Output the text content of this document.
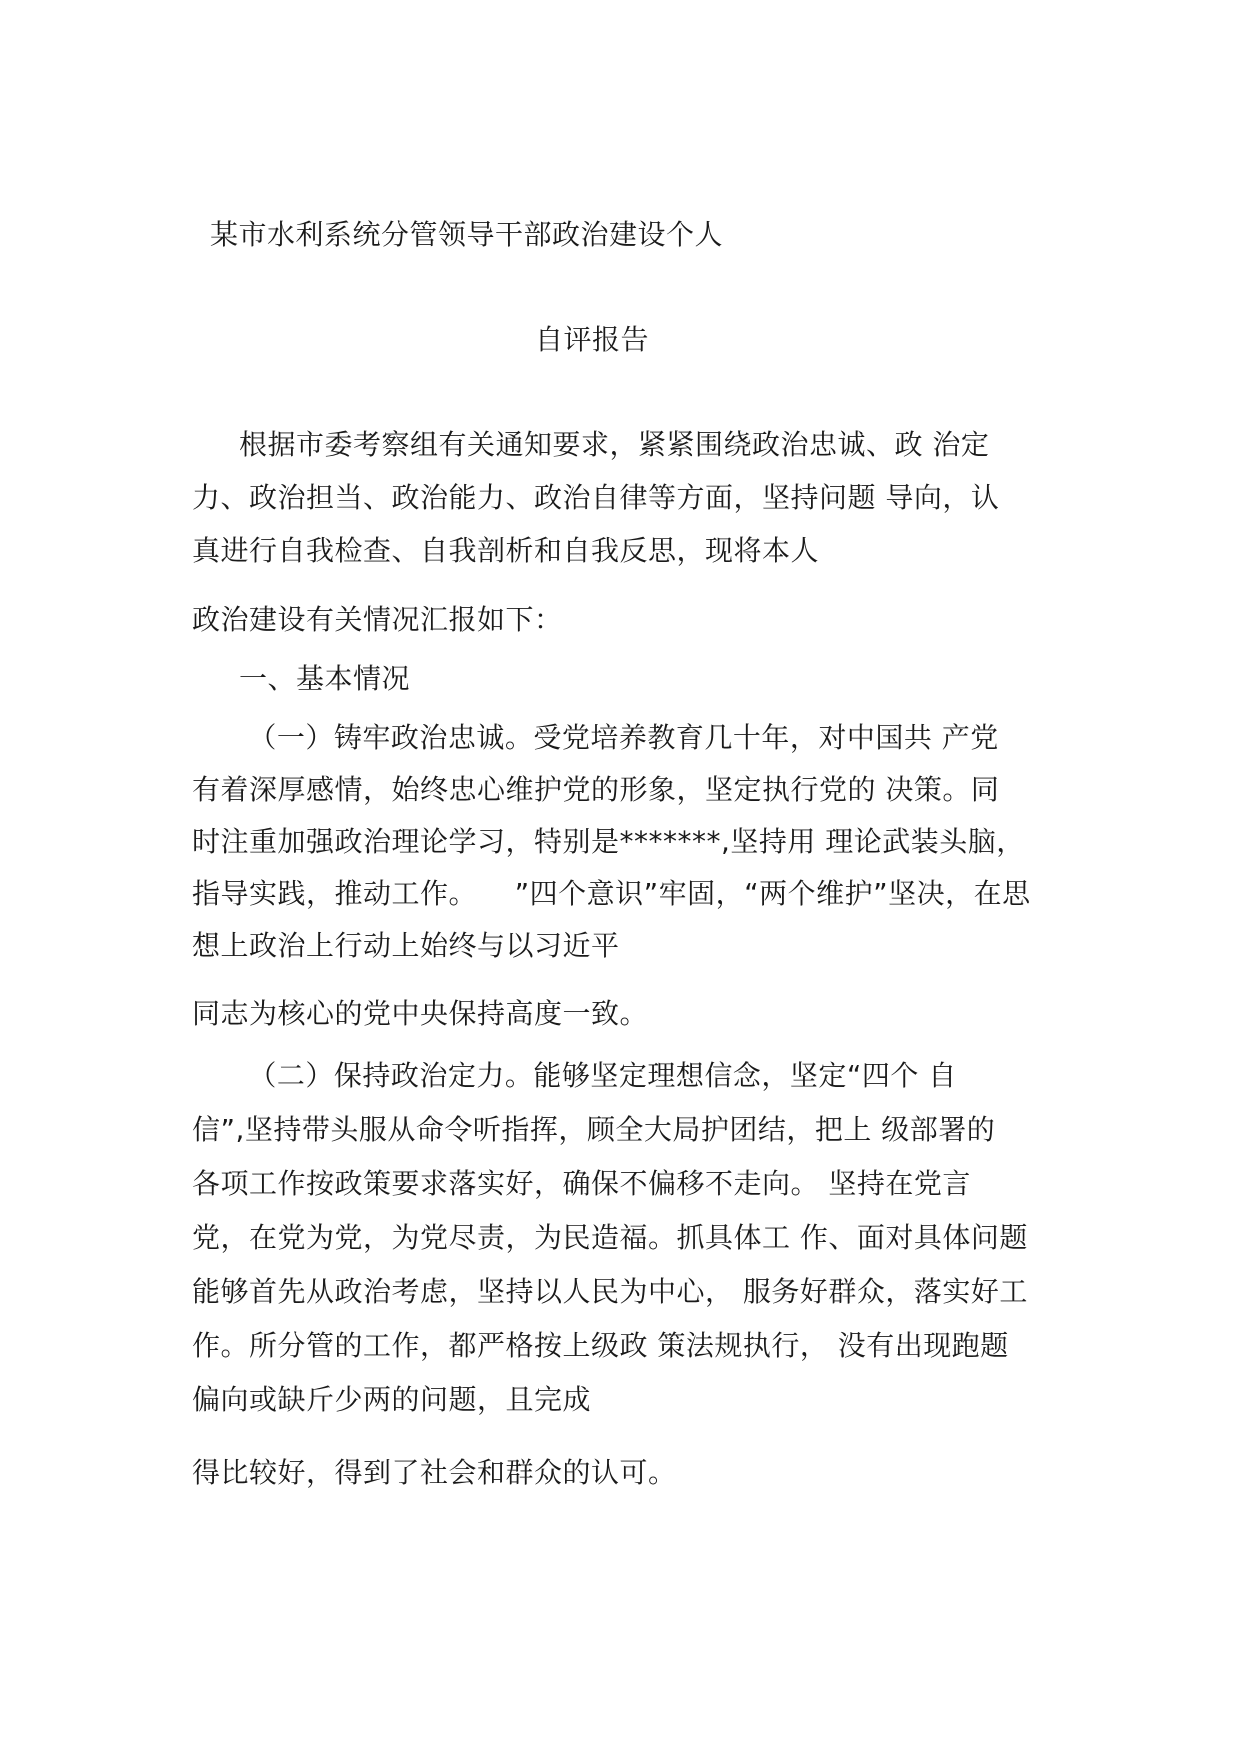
某市水利系统分管领导干部政治建设个人
自评报告
根据市委考察组有关通知要求，紧紧围绕政治忠诚、政 治定
力、政治担当、政治能力、政治自律等方面，坚持问题 导向，认
真进行自我检查、自我剖析和自我反思，现将本人
政治建设有关情况汇报如下：
一、基本情况
（一）铸牢政治忠诚。受党培养教育几十年，对中国共 产党
有着深厚感情，始终忠心维护党的形象，坚定执行党的 决策。同
时注重加强政治理论学习，特别是*******,坚持用 理论武装头脑，
指导实践，推动工作。    ”四个意识”牢固，“两个维护”坚决，在思
想上政治上行动上始终与以习近平
同志为核心的党中央保持高度一致。
（二）保持政治定力。能够坚定理想信念，坚定“四个 自
信”,坚持带头服从命令听指挥，顾全大局护团结，把上 级部署的
各项工作按政策要求落实好，确保不偏移不走向。 坚持在党言
党，在党为党，为党尽责，为民造福。抓具体工 作、面对具体问题
能够首先从政治考虑，坚持以人民为中心， 服务好群众，落实好工
作。所分管的工作，都严格按上级政 策法规执行， 没有出现跑题
偏向或缺斤少两的问题，且完成
得比较好，得到了社会和群众的认可。
